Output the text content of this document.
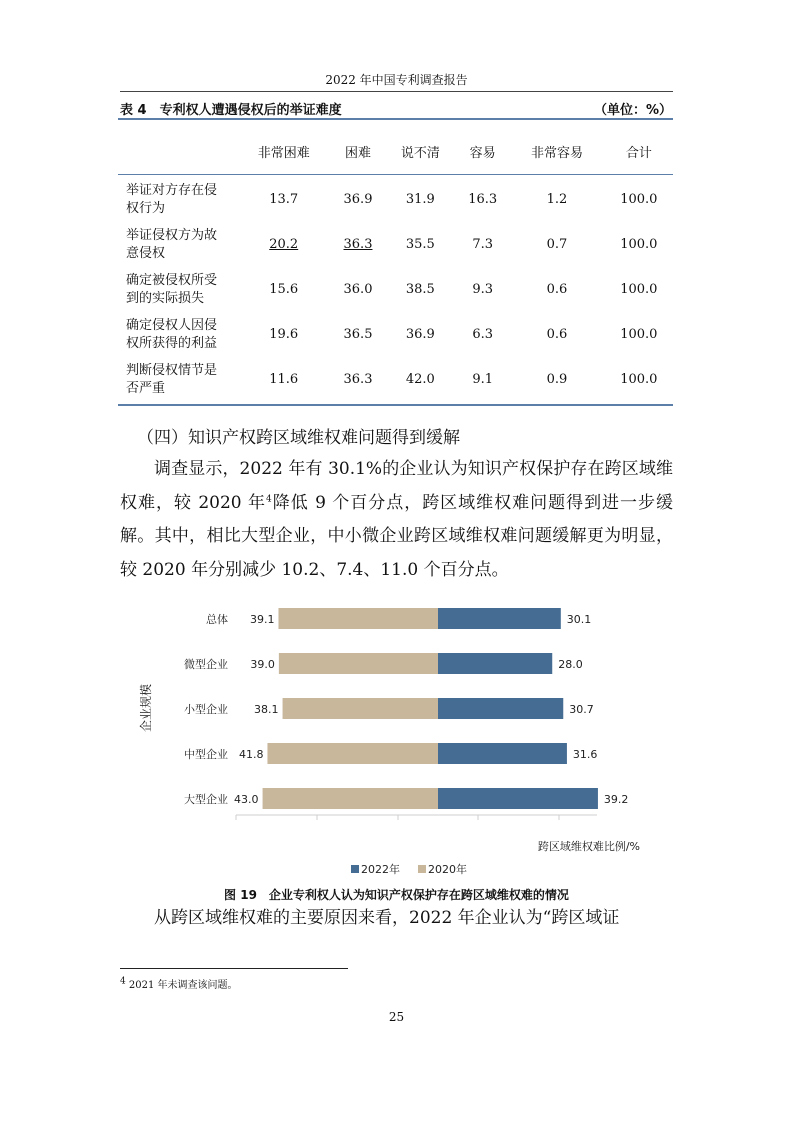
2022 年中国专利调查报告
表 4　专利权人遭遇侵权后的举证难度	（单位：%）
	非常困难	困难	说不清	容易	非常容易	合计

举证对方存在侵
权行为	13.7	36.9	31.9	16.3	1.2	100.0
举证侵权方为故
意侵权	20.2	36.3	35.5	7.3	0.7	100.0
确定被侵权所受
到的实际损失	15.6	36.0	38.5	9.3	0.6	100.0
确定侵权人因侵
权所获得的利益	19.6	36.5	36.9	6.3	0.6	100.0
判断侵权情节是
否严重	11.6	36.3	42.0	9.1	0.9	100.0
（四）知识产权跨区域维权难问题得到缓解

调查显示，2022 年有 30.1%的企业认为知识产权保护存在跨区域维权难，较 2020 年$^4$降低 9 个百分点，跨区域维权难问题得到进一步缓解。其中，相比大型企业，中小微企业跨区域维权难问题缓解更为明显，较 2020 年分别减少 10.2、7.4、11.0 个百分点。

总体 39.1	30.1
微型企业 39.0	28.0
小型企业 38.1	30.7
中型企业 41.8	31.6
大型企业 43.0	39.2
企业规模
跨区域维权难比例/%
2022年	2020年
图 19　企业专利权人认为知识产权保护存在跨区域维权难的情况

从跨区域维权难的主要原因来看，2022 年企业认为“跨区域证

$^4$ 2021 年未调查该问题。
25
